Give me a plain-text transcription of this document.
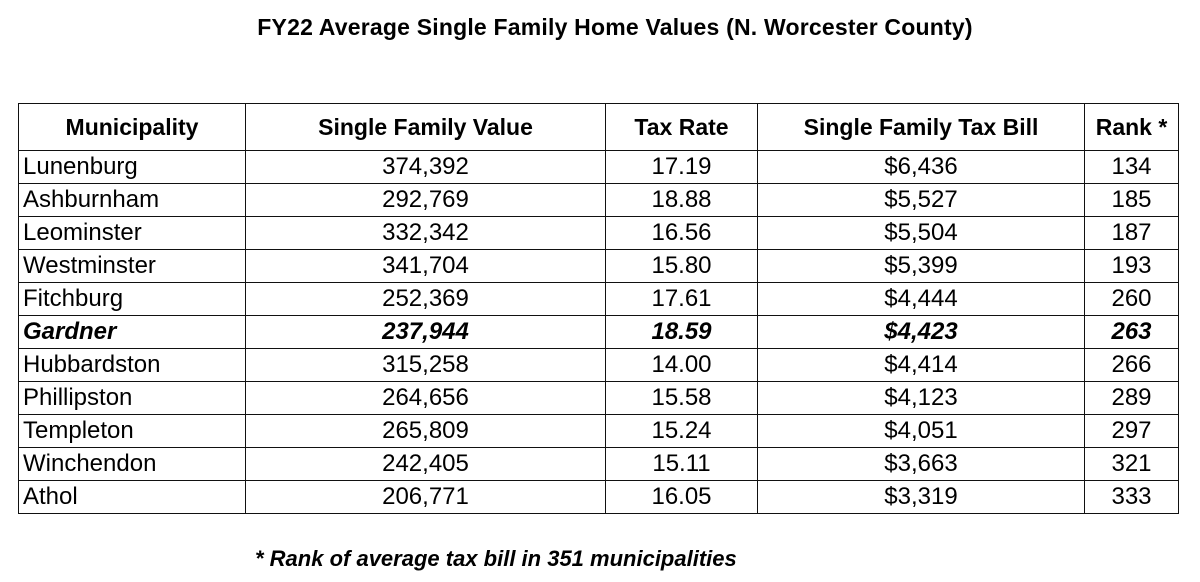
FY22 Average Single Family Home Values (N. Worcester County)
Municipality	Single Family Value	Tax Rate	Single Family Tax Bill	Rank *
Lunenburg	374,392	17.19	$6,436	134
Ashburnham	292,769	18.88	$5,527	185
Leominster	332,342	16.56	$5,504	187
Westminster	341,704	15.80	$5,399	193
Fitchburg	252,369	17.61	$4,444	260
Gardner	237,944	18.59	$4,423	263
Hubbardston	315,258	14.00	$4,414	266
Phillipston	264,656	15.58	$4,123	289
Templeton	265,809	15.24	$4,051	297
Winchendon	242,405	15.11	$3,663	321
Athol	206,771	16.05	$3,319	333
* Rank of average tax bill in 351 municipalities
